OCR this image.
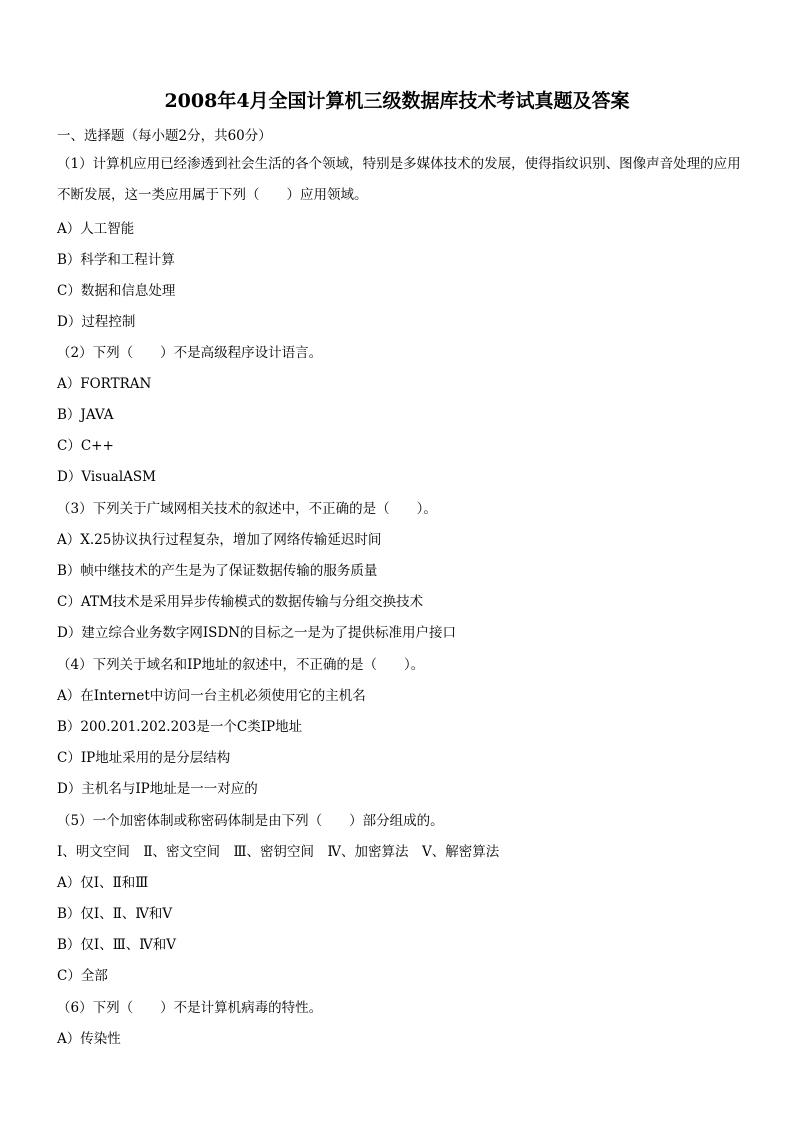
2008年4月全国计算机三级数据库技术考试真题及答案
一、选择题（每小题2分，共60分）
（1）计算机应用已经渗透到社会生活的各个领域，特别是多媒体技术的发展，使得指纹识别、图像声音处理的应用不断发展，这一类应用属于下列（　　）应用领域。
A）人工智能
B）科学和工程计算
C）数据和信息处理
D）过程控制
（2）下列（　　）不是高级程序设计语言。
A）FORTRAN
B）JAVA
C）C++
D）VisualASM
（3）下列关于广域网相关技术的叙述中，不正确的是（　　）。
A）X.25协议执行过程复杂，增加了网络传输延迟时间
B）帧中继技术的产生是为了保证数据传输的服务质量
C）ATM技术是采用异步传输模式的数据传输与分组交换技术
D）建立综合业务数字网ISDN的目标之一是为了提供标准用户接口
（4）下列关于域名和IP地址的叙述中，不正确的是（　　）。
A）在Internet中访问一台主机必须使用它的主机名
B）200.201.202.203是一个C类IP地址
C）IP地址采用的是分层结构
D）主机名与IP地址是一一对应的
（5）一个加密体制或称密码体制是由下列（　　）部分组成的。
Ⅰ、明文空间　Ⅱ、密文空间　Ⅲ、密钥空间　Ⅳ、加密算法　Ⅴ、解密算法
A）仅Ⅰ、Ⅱ和Ⅲ
B）仅Ⅰ、Ⅱ、Ⅳ和Ⅴ
B）仅Ⅰ、Ⅲ、Ⅳ和Ⅴ
C）全部
（6）下列（　　）不是计算机病毒的特性。
A）传染性
